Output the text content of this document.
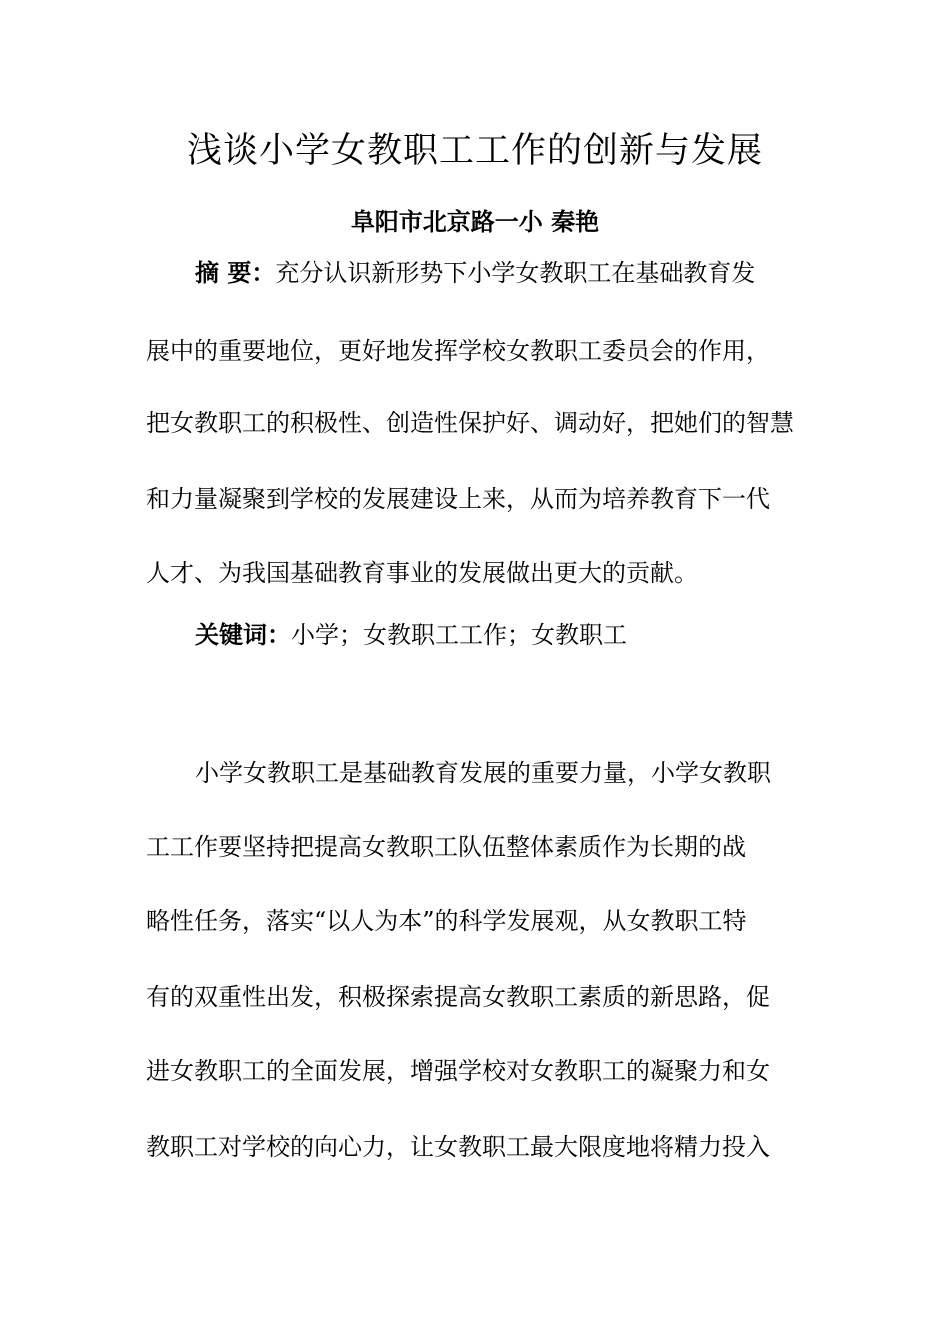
浅谈小学女教职工工作的创新与发展
阜阳市北京路一小 秦艳
摘 要：充分认识新形势下小学女教职工在基础教育发
展中的重要地位，更好地发挥学校女教职工委员会的作用，
把女教职工的积极性、创造性保护好、调动好，把她们的智慧
和力量凝聚到学校的发展建设上来，从而为培养教育下一代
人才、为我国基础教育事业的发展做出更大的贡献。
关键词：小学；女教职工工作；女教职工
小学女教职工是基础教育发展的重要力量，小学女教职
工工作要坚持把提高女教职工队伍整体素质作为长期的战
略性任务，落实“以人为本”的科学发展观，从女教职工特
有的双重性出发，积极探索提高女教职工素质的新思路，促
进女教职工的全面发展，增强学校对女教职工的凝聚力和女
教职工对学校的向心力，让女教职工最大限度地将精力投入
